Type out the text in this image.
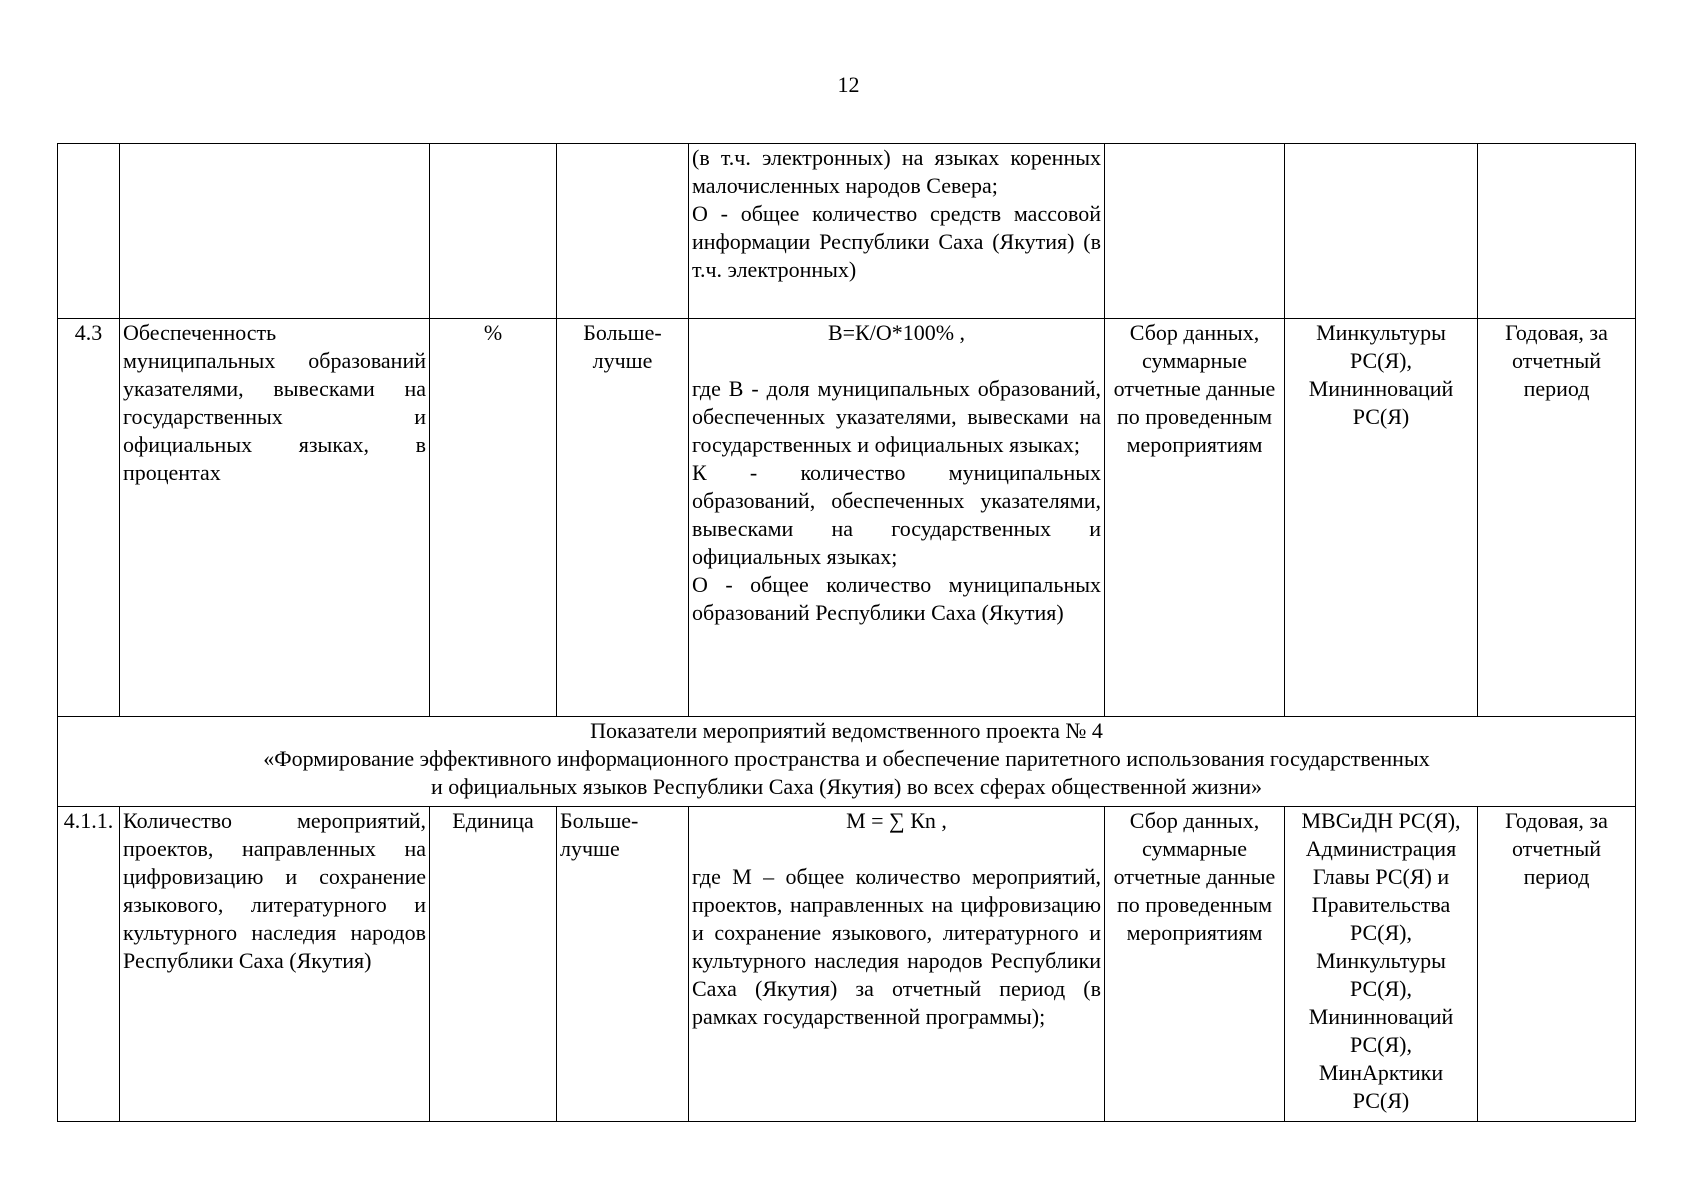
12

				(в т.ч. электронных) на языках коренных малочисленных народов Севера;
О - общее количество средств массовой информации Республики Саха (Якутия) (в т.ч. электронных)			

4.3	Обеспеченность муниципальных образований указателями, вывесками на государственных и официальных языках, в процентах	%	Больше-лучше	В=К/О*100% ,
где В - доля муниципальных образований, обеспеченных указателями, вывесками на государственных и официальных языках;
К - количество муниципальных образований, обеспеченных указателями, вывесками на государственных и официальных языках;
О - общее количество муниципальных образований Республики Саха (Якутия)	Сбор данных, суммарные отчетные данные по проведенным мероприятиям	Минкультуры РС(Я), Мининноваций РС(Я)	Годовая, за отчетный период

Показатели мероприятий ведомственного проекта № 4
«Формирование эффективного информационного пространства и обеспечение паритетного использования государственных
и официальных языков Республики Саха (Якутия) во всех сферах общественной жизни»							

4.1.1.	Количество мероприятий, проектов, направленных на цифровизацию и сохранение языкового, литературного и культурного наследия народов Республики Саха (Якутия)	Единица	Больше-лучше	М = ∑ Кn ,
где М – общее количество мероприятий, проектов, направленных на цифровизацию и сохранение языкового, литературного и культурного наследия народов Республики Саха (Якутия) за отчетный период (в рамках государственной программы);	Сбор данных, суммарные отчетные данные по проведенным мероприятиям	МВСиДН РС(Я), Администрация Главы РС(Я) и Правительства РС(Я), Минкультуры РС(Я), Мининноваций РС(Я), МинАрктики РС(Я)	Годовая, за отчетный период
